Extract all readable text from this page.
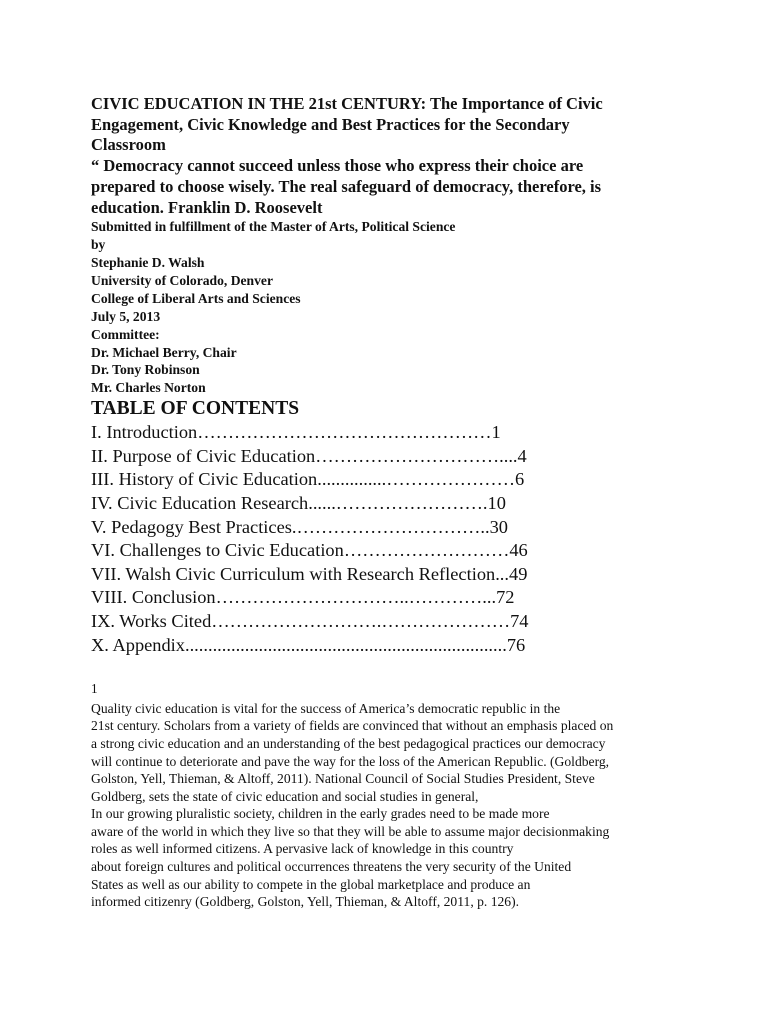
CIVIC EDUCATION IN THE 21st CENTURY: The Importance of Civic
Engagement, Civic Knowledge and Best Practices for the Secondary
Classroom
“ Democracy cannot succeed unless those who express their choice are
prepared to choose wisely. The real safeguard of democracy, therefore, is
education. Franklin D. Roosevelt
Submitted in fulfillment of the Master of Arts, Political Science
by
Stephanie D. Walsh
University of Colorado, Denver
College of Liberal Arts and Sciences
July 5, 2013
Committee:
Dr. Michael Berry, Chair
Dr. Tony Robinson
Mr. Charles Norton
TABLE OF CONTENTS
I. Introduction…………………………………………1
II. Purpose of Civic Education…………………………....4
III. History of Civic Education...............…………………6
IV. Civic Education Research......…………………….10
V. Pedagogy Best Practices.…………………………..30
VI. Challenges to Civic Education………………………46
VII. Walsh Civic Curriculum with Research Reflection...49
VIII. Conclusion…………………………..…………...72
IX. Works Cited……………………….…………………74
X. Appendix......................................................................76
1
Quality civic education is vital for the success of America’s democratic republic in the
21st century. Scholars from a variety of fields are convinced that without an emphasis placed on
a strong civic education and an understanding of the best pedagogical practices our democracy
will continue to deteriorate and pave the way for the loss of the American Republic. (Goldberg,
Golston, Yell, Thieman, & Altoff, 2011). National Council of Social Studies President, Steve
Goldberg, sets the state of civic education and social studies in general,
In our growing pluralistic society, children in the early grades need to be made more
aware of the world in which they live so that they will be able to assume major decisionmaking
roles as well informed citizens. A pervasive lack of knowledge in this country
about foreign cultures and political occurrences threatens the very security of the United
States as well as our ability to compete in the global marketplace and produce an
informed citizenry (Goldberg, Golston, Yell, Thieman, & Altoff, 2011, p. 126).
